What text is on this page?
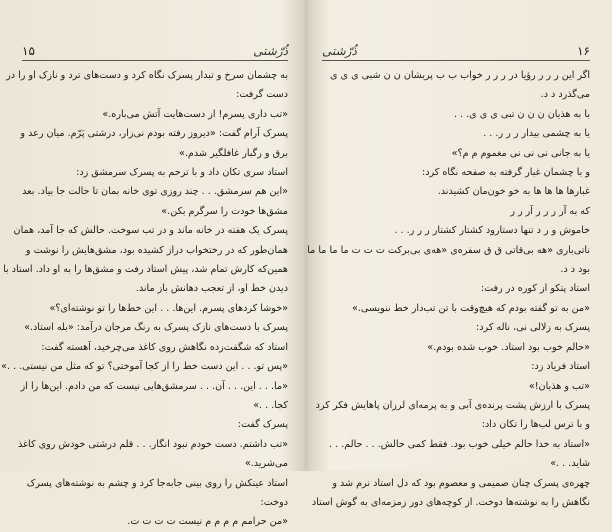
۱۵	ذُرّشتی
به چشمان سرخ و تبدار پسرک نگاه کرد و دست‌های ترد و نازک او را در
دست گرفت:
«تب داری پسرم! از دست‌هایت آتش می‌باره.»
پسرک آرام گفت: «دیروز رفته بودم نی‌زار، درشتی پَرّم. میان رعد و
برق و رگبار غافلگیر شدم.»
استاد سری تکان داد و با ترحم به پسرک سرمشق زد:
«این هم سرمشق. . . چند روزی توی خانه بمان تا حالت جا بیاد. بعد
مشق‌ها خودت را سرگرم بکن.»
پسرک یک هفته در خانه ماند و در تب سوخت. حالش که جا آمد، همان
همان‌طور که در رختخواب دراز کشیده بود، مشق‌هایش را نوشت و
همین‌که کارش تمام شد، پیش استاد رفت و مشق‌ها را به او داد. استاد با
دیدن خط او، از تعجب دهانش باز ماند.
«خوشا کردهای پسرم. این‌ها. . . این خط‌ها را تو نوشته‌ای؟»
پسرک با دست‌های نازک پسرک به رنگ مرجان درآمد: «بله استاد.»
استاد که شگفت‌زده نگاهش روی کاغذ می‌چرخید، آهسته گفت:
«پس تو. . . این دست خط را از کجا آموختی؟ تو که مثل من نیستی. . .»
«ما. . . این. . . آن. . . سرمشق‌هایی نیست که من دادم. این‌ها را از
کجا. . .»
پسرک گفت:
«تب داشتم. دست خودم نبود انگار. . . قلم درشتی خودش روی کاغذ
می‌شرید.»
استاد عینکش را روی بینی جابه‌جا کرد و چشم به نوشته‌های پسرک
دوخت:
«من حرامم م م م م نیست ت ت ت ت.
ذُرّشتی	۱۶
اگر این ر ر ر رؤیا در ر ر ر خواب ب ب پریشان ن ن شبی ی ی ی
می‌گذرد د د.
با به هذیان ن ن ن تبی ی ی ی. . .
یا به چشمی بیدار ر ر ر. . .
یا به جانی نی نی نی مغموم م م؟»
و با چشمان غبار گرفته به صفحه نگاه کرد:
غبارها ها ها ها به خو خون‌مان کشیدند.
که به آر ر ر ر آر ر ر
خاموش و ر د تنها دستارود کشتار کشتار ر ر ر. . .
ناتی‌باری «هه بی‌قاتی ق ق سفره‌ی «هه‌ی بی‌برکت ت ت ت ما ما ما ما
بود د د.
استاد پتکو از کوره در رفت:
«من به تو گفته بودم که هیچ‌وقت با تن تب‌دار خط ننویسی.»
پسرک به زلالی نی، ناله کرد:
«حالم خوب بود استاد. خوب شده بودم.»
استاد فریاد زد:
«تب و هذیان!»
پسرک با ارزش پشت پرنده‌ی آبی و به پرمه‌ای لرزان پاهایش فکر کرد
و با ترس لب‌ها را تکان داد:
«استاد به خدا حالم خیلی خوب بود. فقط کمی حالش. . . حالم. . .
شاید. . .»
چهره‌ی پسرک چنان صمیمی و معصوم بود که دل استاد نرم شد و
نگاهش را به نوشته‌ها دوخت. از کوچه‌های دور زمزمه‌ای به گوش استاد
